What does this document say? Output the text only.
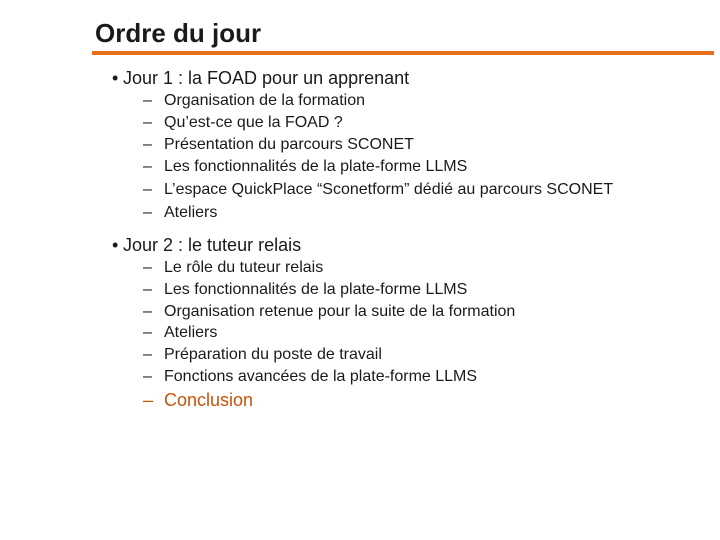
Ordre du jour
• Jour 1 : la FOAD pour un apprenant
– Organisation de la formation
– Qu’est-ce que la FOAD ?
– Présentation du parcours SCONET
– Les fonctionnalités de la plate-forme LLMS
– L’espace QuickPlace “Sconetform” dédié au parcours SCONET
– Ateliers
• Jour 2 : le tuteur relais
– Le rôle du tuteur relais
– Les fonctionnalités de la plate-forme LLMS
– Organisation retenue pour la suite de la formation
– Ateliers
– Préparation du poste de travail
– Fonctions avancées de la plate-forme LLMS
– Conclusion
